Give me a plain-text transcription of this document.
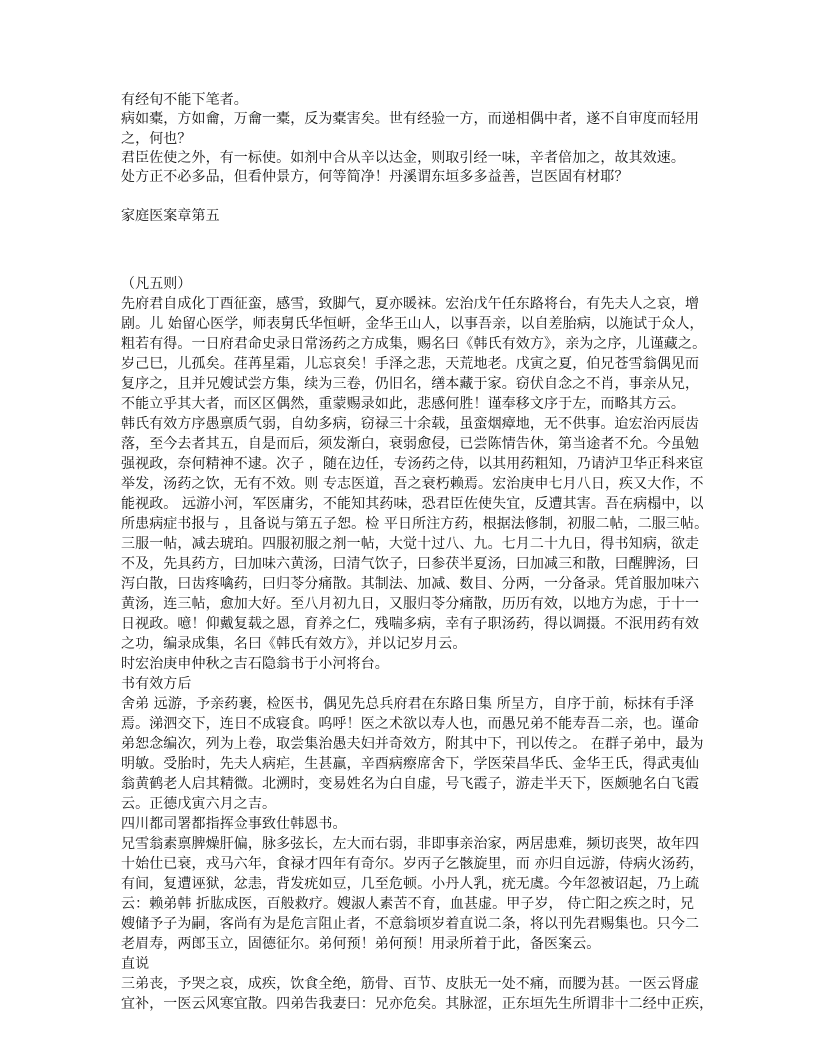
有经旬不能下笔者。
病如橐，方如龠，万龠一橐，反为橐害矣。世有经验一方，而递相偶中者，遂不自审度而轻用
之，何也？
君臣佐使之外，有一标使。如剂中合从辛以达金，则取引经一味，辛者倍加之，故其效速。
处方正不必多品，但看仲景方，何等简净！丹溪谓东垣多多益善，岂医固有材耶？
家庭医案章第五
（凡五则）
先府君自成化丁酉征蛮，感雪，致脚气，夏亦暖袜。宏治戊午任东路将台，有先夫人之哀，增
剧。儿 始留心医学，师表舅氏华恒岍，金华王山人，以事吾亲，以自差胎病，以施试于众人，
粗若有得。一日府君命史录日常汤药之方成集，赐名曰《韩氏有效方》，亲为之序，儿谨藏之。
岁己巳，儿孤矣。荏苒星霜，儿忘哀矣！手泽之悲，天荒地老。戊寅之夏，伯兄苍雪翁偶见而
复序之，且并兄嫂试尝方集，续为三卷，仍旧名，缮本藏于家。窃伏自念之不肖，事亲从兄，
不能立乎其大者，而区区偶然，重蒙赐录如此，悲感何胜！谨奉移文序于左，而略其方云。
韩氏有效方序愚禀质气弱，自幼多病，窃禄三十余载，虽蛮烟瘴地，无不供事。迨宏治丙辰齿
落，至今去者其五，自是而后，须发渐白，衰弱愈侵，已尝陈情告休，第当途者不允。今虽勉
强视政，奈何精神不逮。次子 ，随在边任，专汤药之侍，以其用药粗知，乃请泸卫华正科来宦
举发，汤药之饮，无有不效。则 专志医道，吾之衰朽赖焉。宏治庚申七月八日，疾又大作，不
能视政。 远游小河，军医庸劣，不能知其药味，恐君臣佐使失宜，反遭其害。吾在病榻中，以
所患病症书报与 ，且备说与第五子恕。检 平日所注方药，根据法修制，初服二帖，二服三帖。
三服一帖，减去琥珀。四服初服之剂一帖，大觉十过八、九。七月二十九日，得书知病，欲走
不及，先具药方，曰加味六黄汤，曰清气饮子，曰参茯半夏汤，曰加减三和散，曰醒脾汤，曰
泻白散，曰齿疼噙药，曰归苓分痛散。其制法、加减、数目、分两，一分备录。凭首服加味六
黄汤，连三帖，愈加大好。至八月初九日，又服归苓分痛散，历历有效，以地方为虑，于十一
日视政。噫！仰戴复载之恩，育养之仁，残喘多病，幸有子职汤药，得以调摄。不泯用药有效
之功，编录成集，名曰《韩氏有效方》，并以记岁月云。
时宏治庚申仲秋之吉石隐翁书于小河将台。
书有效方后
舍弟 远游，予亲药裹，检医书，偶见先总兵府君在东路日集 所呈方，自序于前，标抹有手泽
焉。涕泗交下，连日不成寝食。呜呼！医之术欲以寿人也，而愚兄弟不能寿吾二亲，也。谨命
弟恕念编次，列为上卷，取尝集治愚夫妇并奇效方，附其中下，刊以传之。 在群子弟中，最为
明敏。受胎时，先夫人病疟，生甚羸，辛酉病瘵席舍下，学医荣昌华氏、金华王氏，得武夷仙
翁黄鹤老人启其精微。北溯时，变易姓名为白自虚，号飞霞子，游走半天下，医颇驰名白飞霞
云。正德戊寅六月之吉。
四川都司署都指挥佥事致仕韩恩书。
兄雪翁素禀脾燥肝偏，脉多弦长，左大而右弱，非即事亲治家，两居患难，频切丧哭，故年四
十始仕已衰，戎马六年，食禄才四年有奇尔。岁丙子乞骸旋里，而 亦归自远游，侍病火汤药，
有间，复遭诬狱，忿恚，背发疣如豆，几至危顿。小丹人乳，疣无虞。今年忽被诏起，乃上疏
云：赖弟韩 折肱成医，百般救疗。嫂淑人素苦不育，血甚虚。甲子岁， 侍亡阳之疾之时，兄
嫂储予子为嗣，客尚有为是危言阻止者，不意翁顷岁着直说二条，将以刊先君赐集也。只今二
老眉寿，两郎玉立，固德征尔。弟何预！弟何预！用录所着于此，备医案云。
直说
三弟丧，予哭之哀，成疾，饮食全绝，筋骨、百节、皮肤无一处不痛，而腰为甚。一医云肾虚
宜补，一医云风寒宜散。四弟告我妻曰：兄亦危矣。其脉涩，正东垣先生所谓非十二经中正疾，
